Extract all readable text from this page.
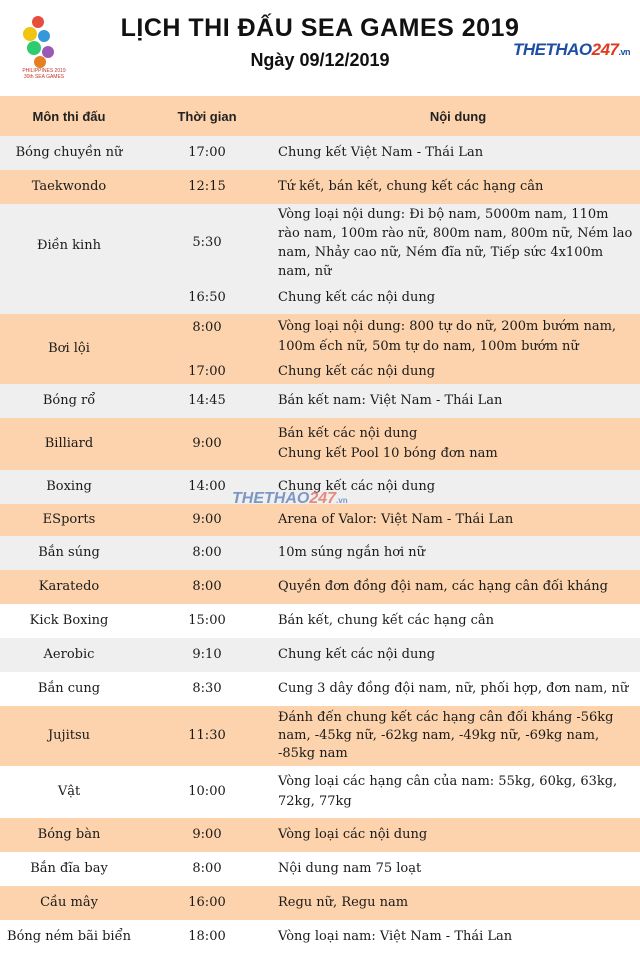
PHILIPPINES 2019
30th SEA GAMES
LỊCH THI ĐẤU SEA GAMES 2019
Ngày 09/12/2019
THETHAO247.vn
Môn thi đấu	Thời gian	Nội dung
Bóng chuyền nữ	17:00	Chung kết Việt Nam - Thái Lan
Taekwondo	12:15	Tứ kết, bán kết, chung kết các hạng cân
Điền kinh	5:30	Vòng loại nội dung: Đi bộ nam, 5000m nam, 110m rào nam, 100m rào nữ, 800m nam, 800m nữ, Ném lao nam, Nhảy cao nữ, Ném đĩa nữ, Tiếp sức 4x100m nam, nữ
	16:50	Chung kết các nội dung
Bơi lội	8:00	Vòng loại nội dung: 800 tự do nữ, 200m bướm nam, 100m ếch nữ, 50m tự do nam, 100m bướm nữ
	17:00	Chung kết các nội dung
Bóng rổ	14:45	Bán kết nam: Việt Nam - Thái Lan
Billiard	9:00	Bán kết các nội dung
Chung kết Pool 10 bóng đơn nam

Boxing	14:00	Chung kết các nội dung
ESports	9:00	Arena of Valor: Việt Nam - Thái Lan
Bắn súng	8:00	10m súng ngắn hơi nữ
Karatedo	8:00	Quyền đơn đồng đội nam, các hạng cân đối kháng
Kick Boxing	15:00	Bán kết, chung kết các hạng cân
Aerobic	9:10	Chung kết các nội dung
Bắn cung	8:30	Cung 3 dây đồng đội nam, nữ, phối hợp, đơn nam, nữ
Jujitsu	11:30	Đánh đến chung kết các hạng cân đối kháng -56kg nam, -45kg nữ, -62kg nam, -49kg nữ, -69kg nam, -85kg nam
Vật	10:00	Vòng loại các hạng cân của nam: 55kg, 60kg, 63kg, 72kg, 77kg
Bóng bàn	9:00	Vòng loại các nội dung
Bắn đĩa bay	8:00	Nội dung nam 75 loạt
Cầu mây	16:00	Regu nữ, Regu nam
Bóng ném bãi biển	18:00	Vòng loại nam: Việt Nam - Thái Lan
THETHAO247.vn
